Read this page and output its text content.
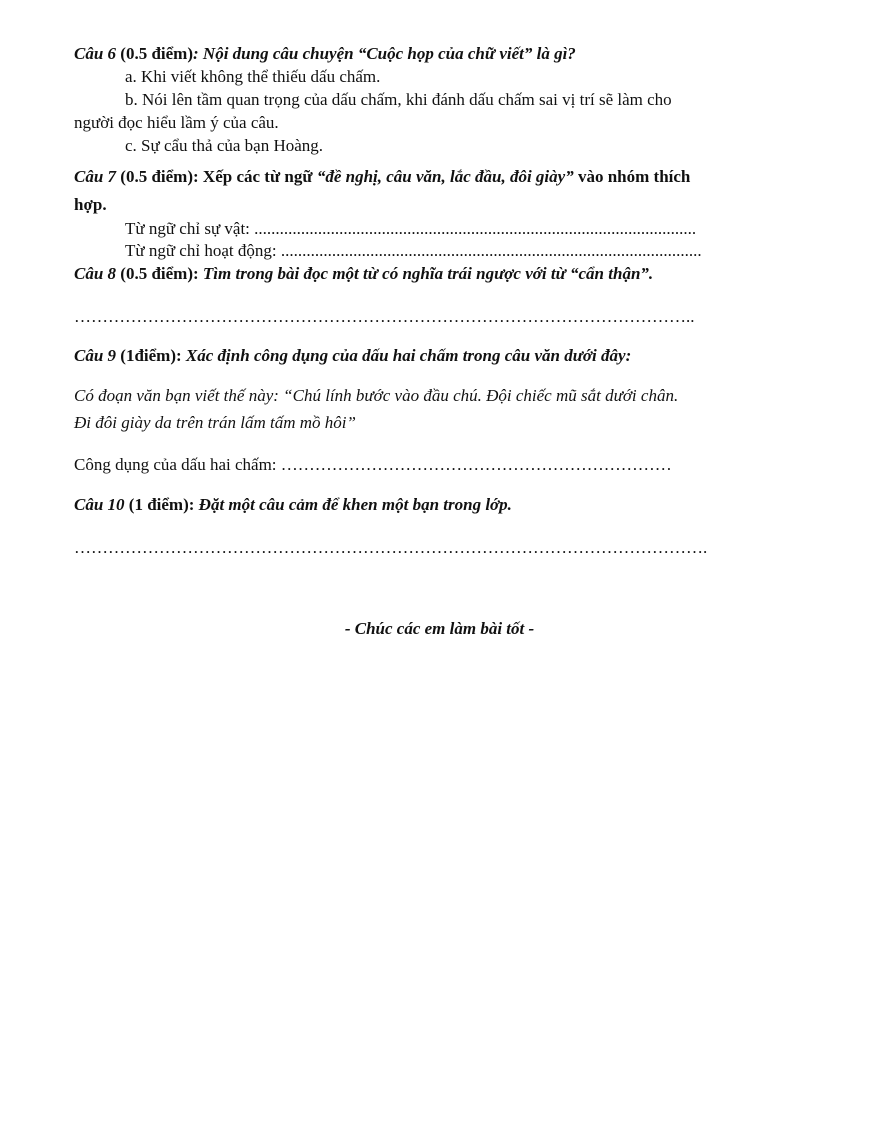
Câu 6 (0.5 điểm): Nội dung câu chuyện “Cuộc họp của chữ viết” là gì?
a. Khi viết không thể thiếu dấu chấm.
b. Nói lên tầm quan trọng của dấu chấm, khi đánh dấu chấm sai vị trí sẽ làm cho
người đọc hiểu lầm ý của câu.
c. Sự cẩu thả của bạn Hoàng.
Câu 7 (0.5 điểm): Xếp các từ ngữ “đề nghị, câu văn, lắc đầu, đôi giày” vào nhóm thích
hợp.
Từ ngữ chỉ sự vật: ........................................................................................................
Từ ngữ chỉ hoạt động: ...................................................................................................
Câu 8 (0.5 điểm): Tìm trong bài đọc một từ có nghĩa trái ngược với từ “cẩn thận”.
………………………………………………………………………………………………..
Câu 9 (1điểm): Xác định công dụng của dấu hai chấm trong câu văn dưới đây:
Có đoạn văn bạn viết thế này: “Chú lính bước vào đầu chú. Đội chiếc mũ sắt dưới chân.
Đi đôi giày da trên trán lấm tấm mồ hôi”
Công dụng của dấu hai chấm: ……………………………………………………………
Câu 10 (1 điểm): Đặt một câu cảm để khen một bạn trong lớp.
………………………………………………………………………………………………….
- Chúc các em làm bài tốt -
